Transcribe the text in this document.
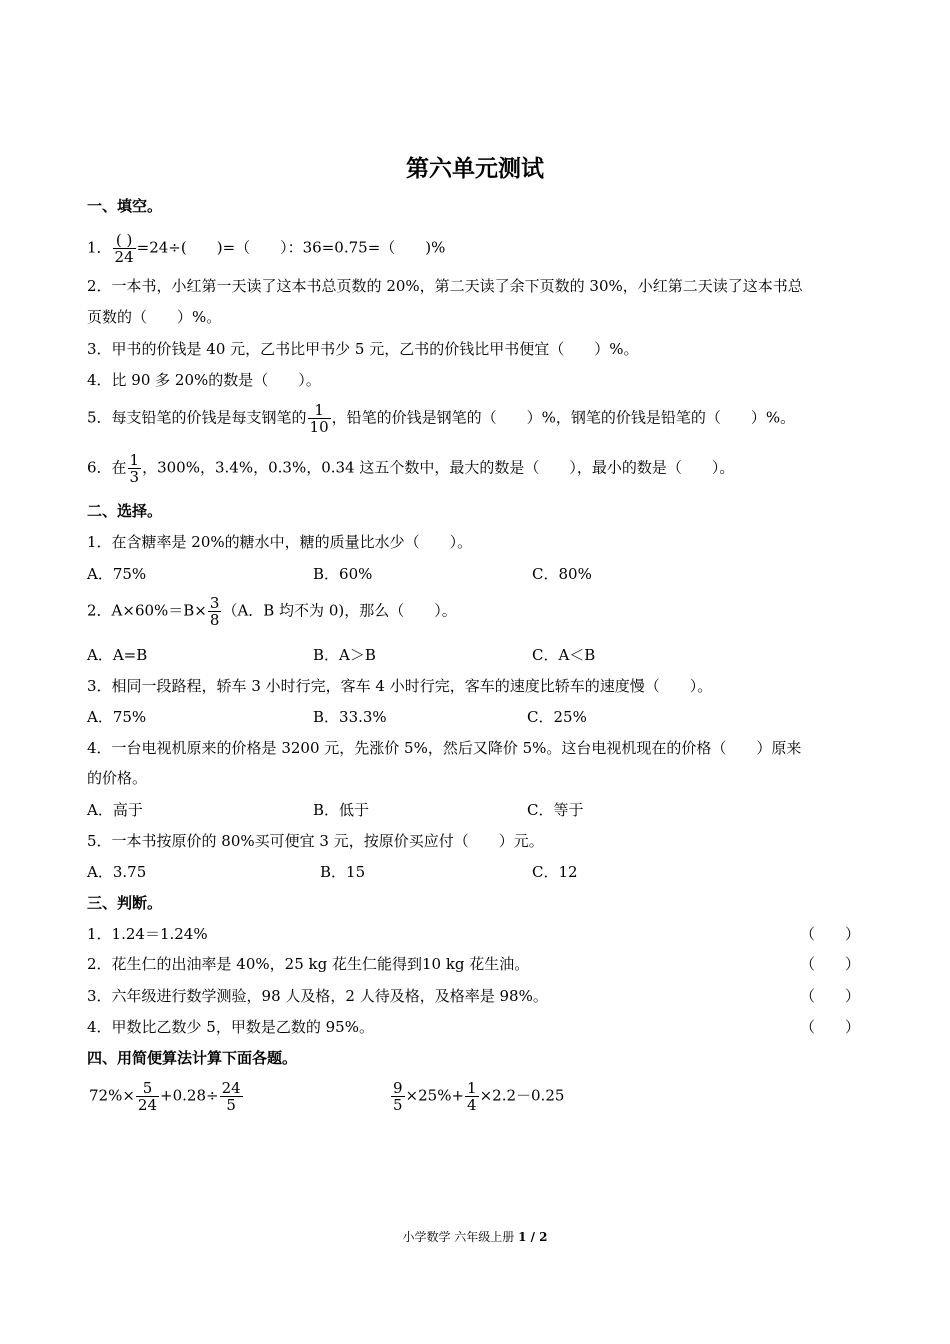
第六单元测试
一、填空。
1． $\frac{( )}{24} =24\div$(　　)=（　　）：36=0.75=（　　)%
2．一本书，小红第一天读了这本书总页数的 20%，第二天读了余下页数的 30%，小红第二天读了这本书总
页数的（　　）%。
3．甲书的价钱是 40 元，乙书比甲书少 5 元，乙书的价钱比甲书便宜（　　）%。
4．比 90 多 20%的数是（　　）。
5．每支铅笔的价钱是每支钢笔的 $\frac{1}{10}$ ，铅笔的价钱是钢笔的（　　）%，钢笔的价钱是铅笔的（　　）%。
6．在 $\frac{1}{3}$ ，300%，3.4%，0.3%，0.34 这五个数中，最大的数是（　　），最小的数是（　　）。
二、选择。
1．在含糖率是 20%的糖水中，糖的质量比水少（　　）。
A．75%	B．60%	C．80%
2．$A\times 60\%=B\times \frac{3}{8} (A$．B 均不为 0)，那么（　　）。
A．A=B	B．A＞B	C．A＜B
3．相同一段路程，轿车 3 小时行完，客车 4 小时行完，客车的速度比轿车的速度慢（　　）。
A．75%	B．33.3%	C．25%
4．一台电视机原来的价格是 3200 元，先涨价 5%，然后又降价 5%。这台电视机现在的价格（　　）原来
的价格。
A．高于	B．低于	C．等于
5．一本书按原价的 80%买可便宜 3 元，按原价买应付（　　）元。
A．3.75	B．15	C．12
三、判断。
1．1.24＝1.24%	（　　）
2．花生仁的出油率是 40%，25 kg 花生仁能得到10 kg 花生油。	（　　）
3．六年级进行数学测验，98 人及格，2 人待及格，及格率是 98%。	（　　）
4．甲数比乙数少 5，甲数是乙数的 95%。	（　　）
四、用简便算法计算下面各题。
$72\%\times \frac{5}{24} +0.28\div \frac{24}{5}$	$\frac{9}{5} \times 25\%+ \frac{1}{4} \times 2.2-0.25$
小学数学 六年级上册 1 / 2
